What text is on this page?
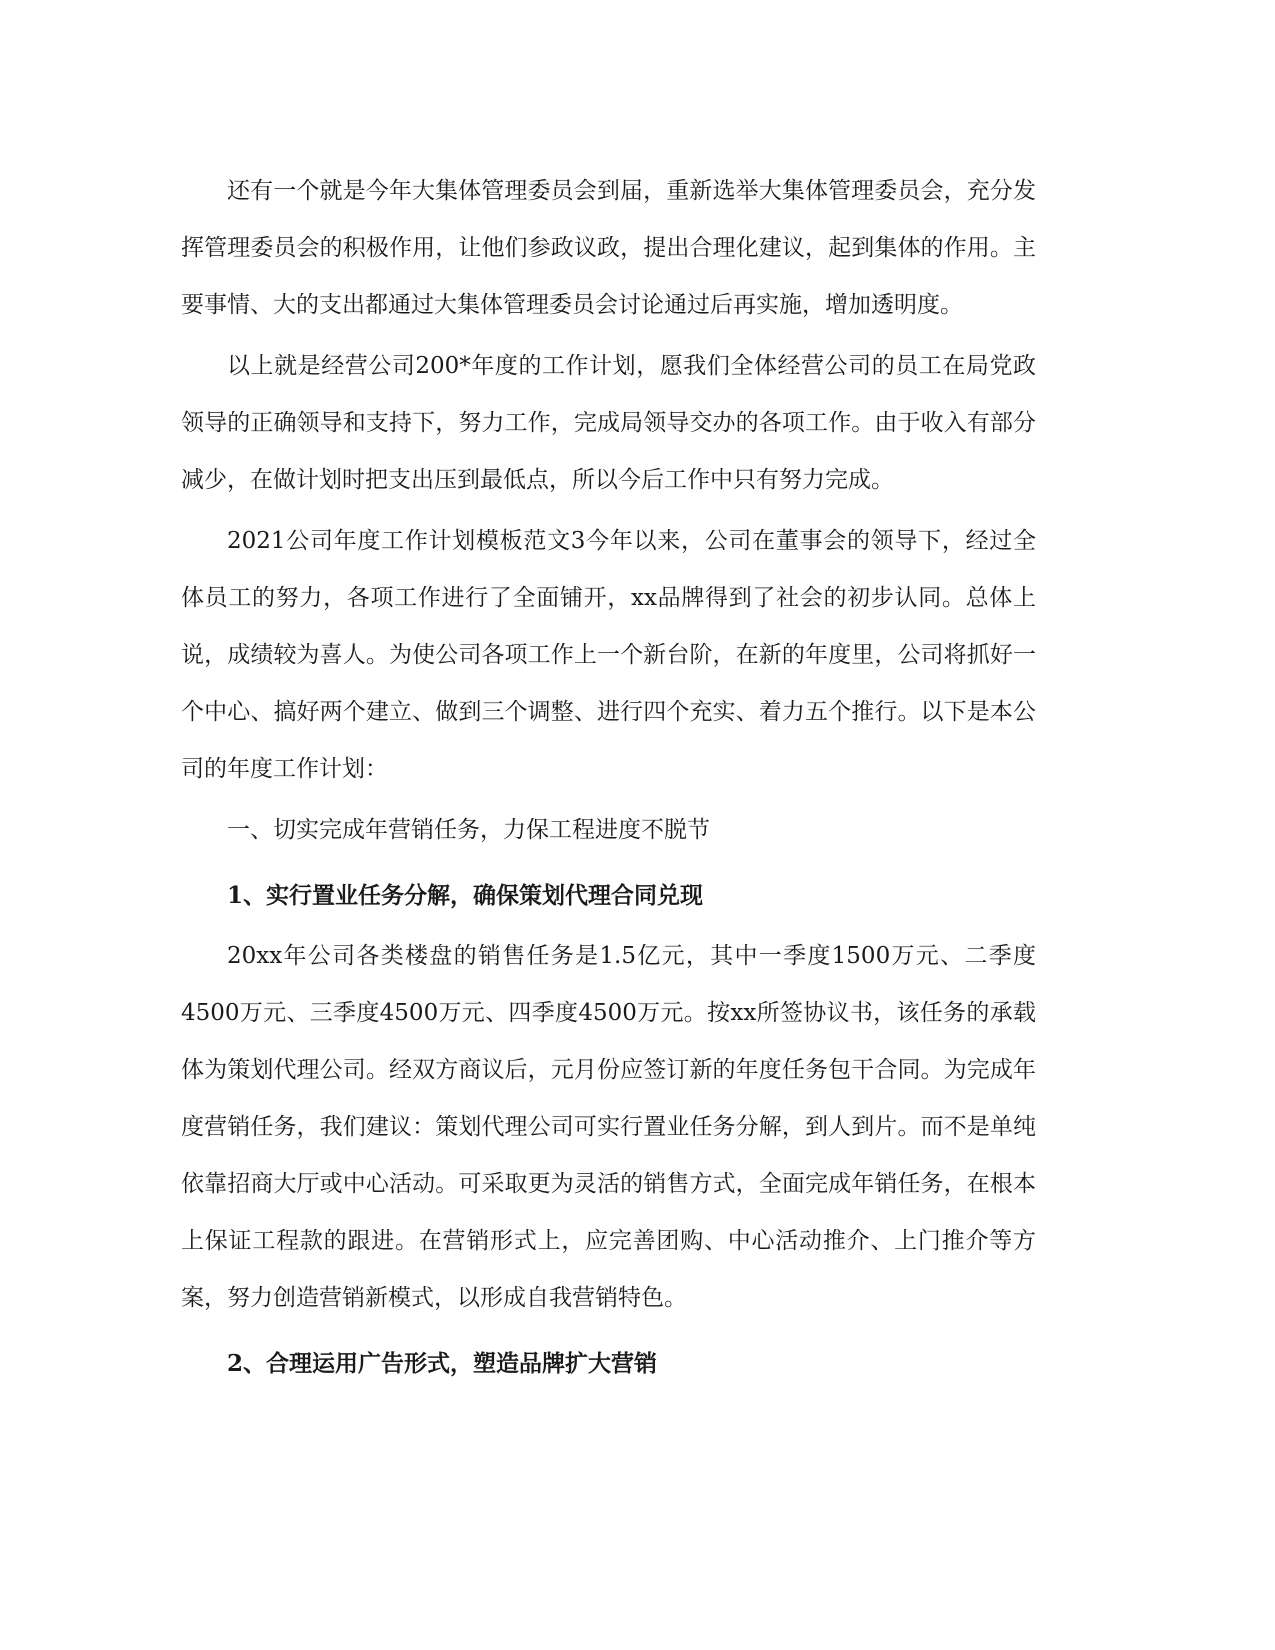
还有一个就是今年大集体管理委员会到届，重新选举大集体管理委员会，充分发挥管理委员会的积极作用，让他们参政议政，提出合理化建议，起到集体的作用。主要事情、大的支出都通过大集体管理委员会讨论通过后再实施，增加透明度。

以上就是经营公司200*年度的工作计划，愿我们全体经营公司的员工在局党政领导的正确领导和支持下，努力工作，完成局领导交办的各项工作。由于收入有部分减少，在做计划时把支出压到最低点，所以今后工作中只有努力完成。

2021公司年度工作计划模板范文3今年以来，公司在董事会的领导下，经过全体员工的努力，各项工作进行了全面铺开，xx品牌得到了社会的初步认同。总体上说，成绩较为喜人。为使公司各项工作上一个新台阶，在新的年度里，公司将抓好一个中心、搞好两个建立、做到三个调整、进行四个充实、着力五个推行。以下是本公司的年度工作计划：

一、切实完成年营销任务，力保工程进度不脱节

1、实行置业任务分解，确保策划代理合同兑现

20xx年公司各类楼盘的销售任务是1.5亿元，其中一季度1500万元、二季度4500万元、三季度4500万元、四季度4500万元。按xx所签协议书，该任务的承载体为策划代理公司。经双方商议后，元月份应签订新的年度任务包干合同。为完成年度营销任务，我们建议：策划代理公司可实行置业任务分解，到人到片。而不是单纯依靠招商大厅或中心活动。可采取更为灵活的销售方式，全面完成年销任务，在根本上保证工程款的跟进。在营销形式上，应完善团购、中心活动推介、上门推介等方案，努力创造营销新模式，以形成自我营销特色。

2、合理运用广告形式，塑造品牌扩大营销
